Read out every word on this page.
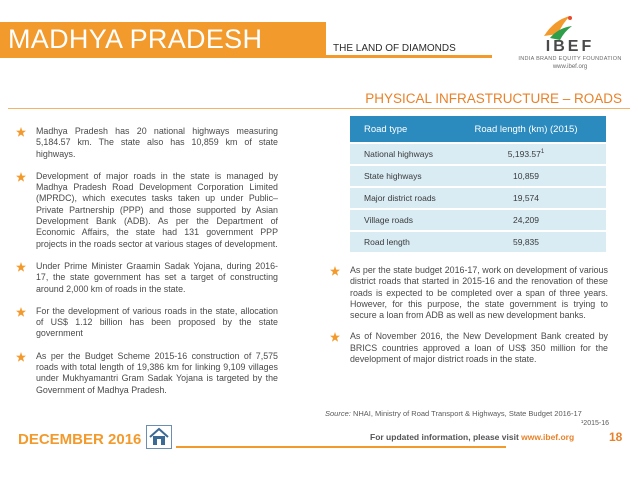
MADHYA PRADESH	THE LAND OF DIAMONDS	IBEF
INDIA BRAND EQUITY FOUNDATION
www.ibef.org
PHYSICAL INFRASTRUCTURE – ROADS
Madhya Pradesh has 20 national highways measuring 5,184.57 km. The state also has 10,859 km of state highways.
Development of major roads in the state is managed by Madhya Pradesh Road Development Corporation Limited (MPRDC), which executes tasks taken up under Public–Private Partnership (PPP) and those supported by Asian Development Bank (ADB). As per the Department of Economic Affairs, the state had 131 government PPP projects in the roads sector at various stages of development.
Under Prime Minister Graamin Sadak Yojana, during 2016-17, the state government has set a target of constructing around 2,000 km of roads in the state.
For the development of various roads in the state, allocation of US$ 1.12 billion has been proposed by the state government
As per the Budget Scheme 2015-16 construction of 7,575 roads with total length of 19,386 km for linking 9,109 villages under Mukhyamantri Gram Sadak Yojana is targeted by the Government of Madhya Pradesh.
Road type	Road length (km) (2015)
National highways	5,193.57$^1$
State highways	10,859
Major district roads	19,574
Village roads	24,209
Road length	59,835
As per the state budget 2016-17, work on development of various district roads that started in 2015-16 and the renovation of these roads is expected to be completed over a span of three years. However, for this purpose, the state government is trying to secure a loan from ADB as well as new development banks.
As of November 2016, the New Development Bank created by BRICS countries approved a loan of US$ 350 million for the development of major district roads in the state.
Source: NHAI, Ministry of Road Transport & Highways, State Budget 2016-17
¹2015-16
DECEMBER 2016	For updated information, please visit www.ibef.org	18
